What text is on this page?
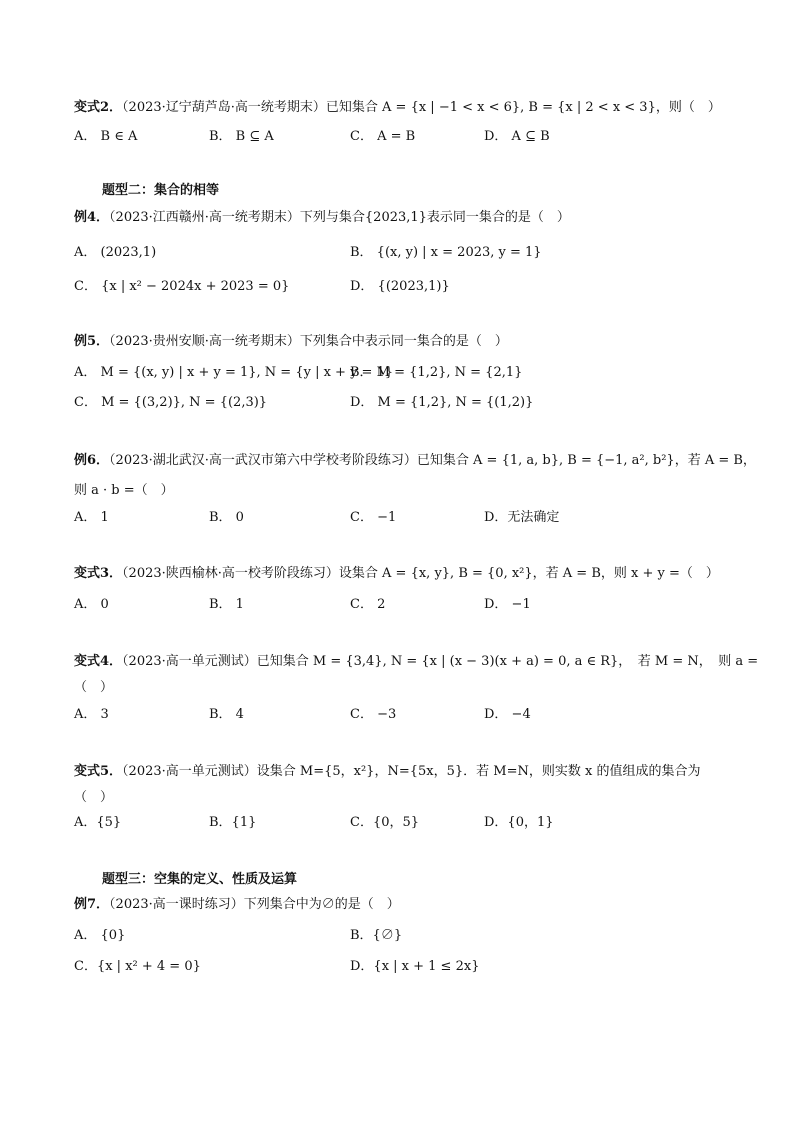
变式2．（2023·辽宁葫芦岛·高一统考期末）已知集合 A = {x | −1 < x < 6}, B = {x | 2 < x < 3}，则（　）
A． B ∈ A	B． B ⊆ A	C． A = B	D． A ⊆ B
题型二：集合的相等
例4．（2023·江西赣州·高一统考期末）下列与集合{2023,1}表示同一集合的是（　）
A． (2023,1)	B． {(x, y) | x = 2023, y = 1}
C． {x | x² − 2024x + 2023 = 0}	D． {(2023,1)}
例5．（2023·贵州安顺·高一统考期末）下列集合中表示同一集合的是（　）
A． M = {(x, y) | x + y = 1}, N = {y | x + y = 1}
B． M = {1,2}, N = {2,1}
C． M = {(3,2)}, N = {(2,3)}	D． M = {1,2}, N = {(1,2)}
例6．（2023·湖北武汉·高一武汉市第六中学校考阶段练习）已知集合 A = {1, a, b}, B = {−1, a², b²}，若 A = B，
则 a · b =（　）
A． 1	B． 0	C． −1	D．无法确定
变式3．（2023·陕西榆林·高一校考阶段练习）设集合 A = {x, y}, B = {0, x²}，若 A = B，则 x + y =（　）
A． 0	B． 1	C． 2	D． −1
变式4．（2023·高一单元测试）已知集合 M = {3,4}, N = {x | (x − 3)(x + a) = 0, a ∈ R}，　若 M = N，　则 a =
（　）
A． 3	B． 4	C． −3	D． −4
变式5．（2023·高一单元测试）设集合 M={5，x²}，N={5x，5}．若 M=N，则实数 x 的值组成的集合为
（　）
A．{5}	B．{1}	C．{0，5}	D．{0，1}
题型三：空集的定义、性质及运算
例7．（2023·高一课时练习）下列集合中为∅的是（　）
A． {0}	B．{∅}
C．{x | x² + 4 = 0}	D．{x | x + 1 ≤ 2x}
